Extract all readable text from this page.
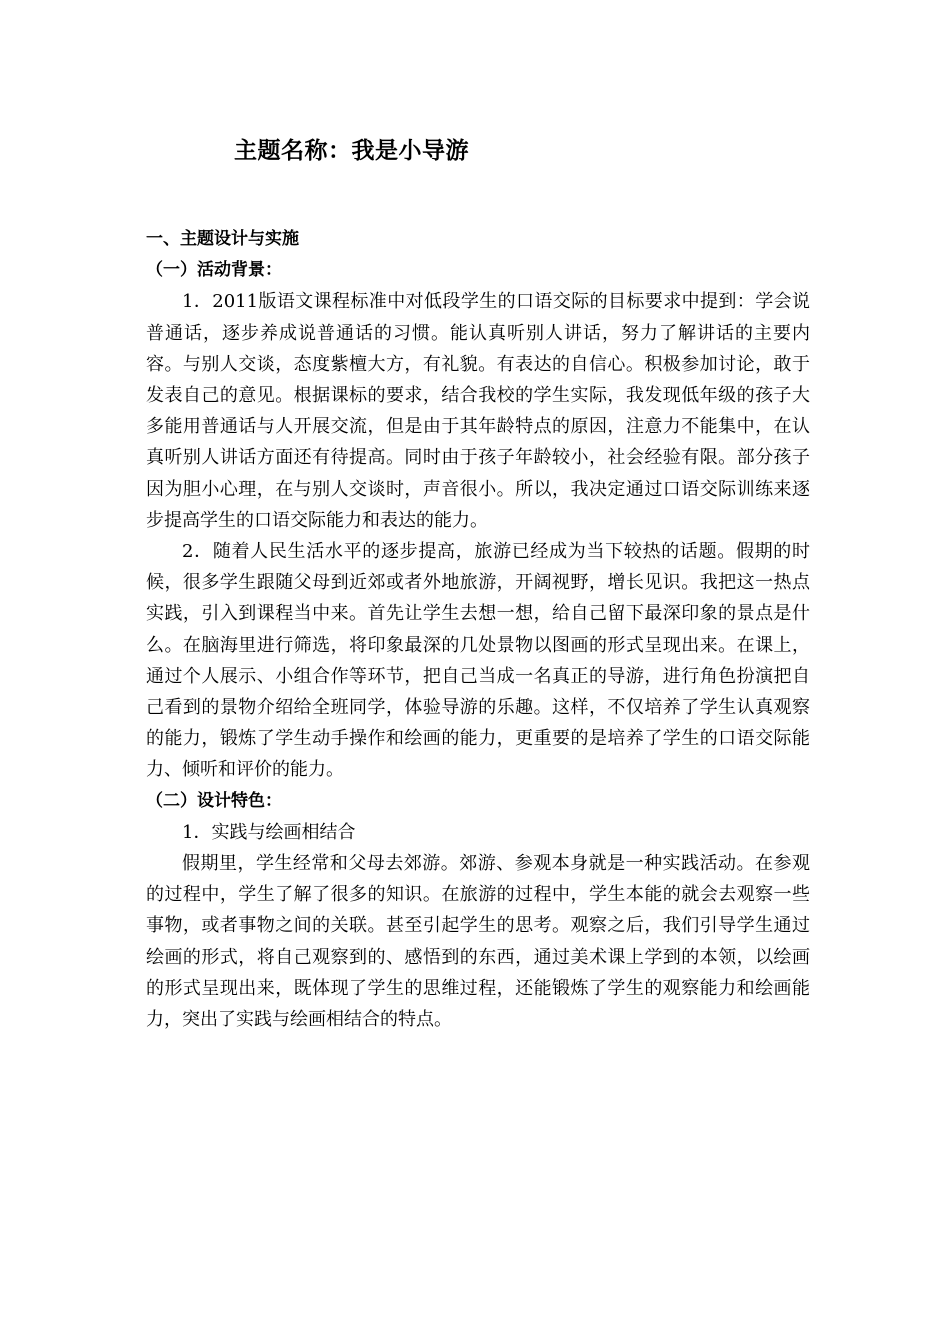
主题名称：我是小导游

一、主题设计与实施

（一）活动背景：

1．2011版语文课程标准中对低段学生的口语交际的目标要求中提到：学会说普通话，逐步养成说普通话的习惯。能认真听别人讲话，努力了解讲话的主要内容。与别人交谈，态度紫檀大方，有礼貌。有表达的自信心。积极参加讨论，敢于发表自己的意见。根据课标的要求，结合我校的学生实际，我发现低年级的孩子大多能用普通话与人开展交流，但是由于其年龄特点的原因，注意力不能集中，在认真听别人讲话方面还有待提高。同时由于孩子年龄较小，社会经验有限。部分孩子因为胆小心理，在与别人交谈时，声音很小。所以，我决定通过口语交际训练来逐步提高学生的口语交际能力和表达的能力。

2．随着人民生活水平的逐步提高，旅游已经成为当下较热的话题。假期的时候，很多学生跟随父母到近郊或者外地旅游，开阔视野，增长见识。我把这一热点实践，引入到课程当中来。首先让学生去想一想，给自己留下最深印象的景点是什么。在脑海里进行筛选，将印象最深的几处景物以图画的形式呈现出来。在课上，通过个人展示、小组合作等环节，把自己当成一名真正的导游，进行角色扮演把自己看到的景物介绍给全班同学，体验导游的乐趣。这样，不仅培养了学生认真观察的能力，锻炼了学生动手操作和绘画的能力，更重要的是培养了学生的口语交际能力、倾听和评价的能力。

（二）设计特色：

1．实践与绘画相结合

假期里，学生经常和父母去郊游。郊游、参观本身就是一种实践活动。在参观的过程中，学生了解了很多的知识。在旅游的过程中，学生本能的就会去观察一些事物，或者事物之间的关联。甚至引起学生的思考。观察之后，我们引导学生通过绘画的形式，将自己观察到的、感悟到的东西，通过美术课上学到的本领，以绘画的形式呈现出来，既体现了学生的思维过程，还能锻炼了学生的观察能力和绘画能力，突出了实践与绘画相结合的特点。
